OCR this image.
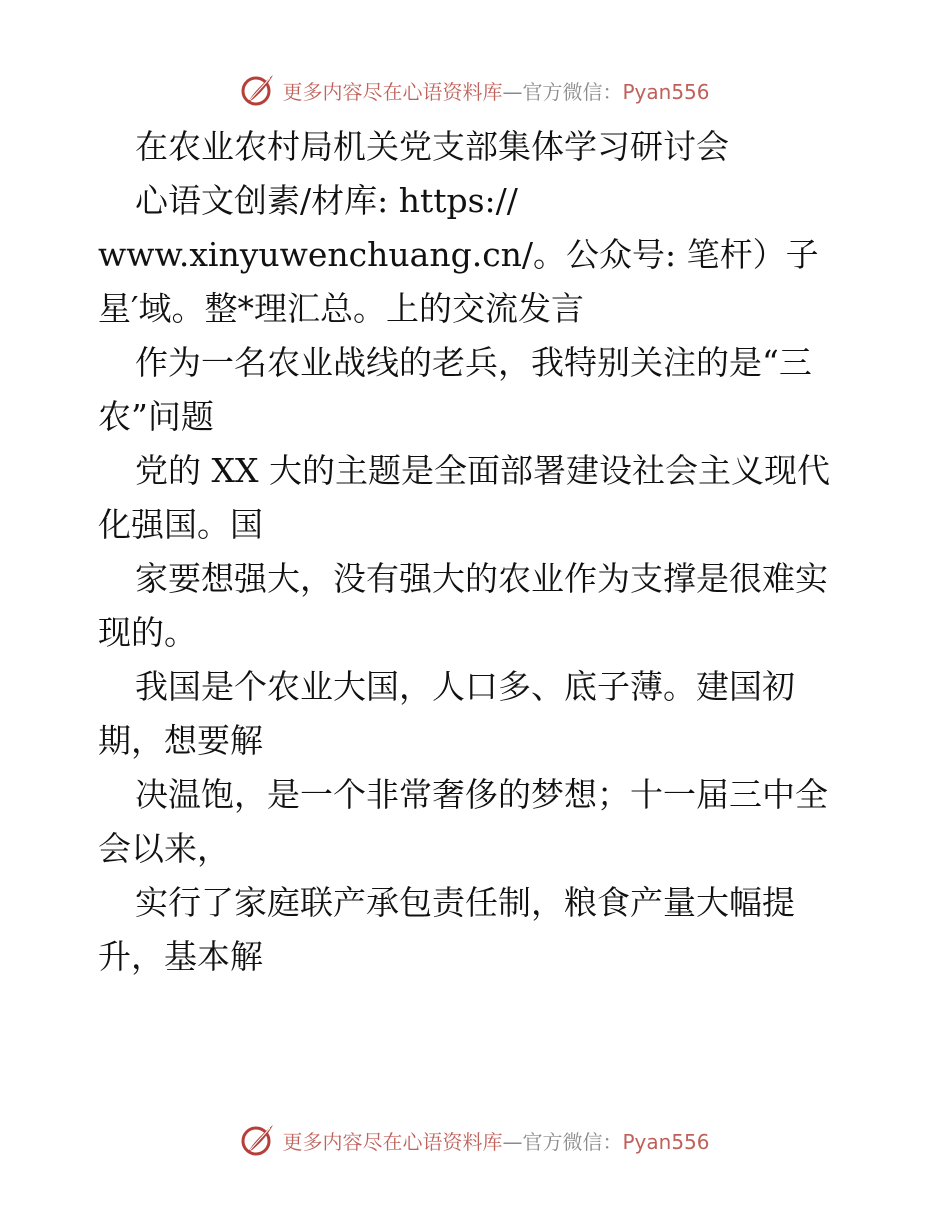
更多内容尽在心语资料库—官方微信：Pyan556
在农业农村局机关党支部集体学习研讨会
心语文创素/材库: https://
www.xinyuwenchuang.cn/。公众号: 笔杆）子
星′域。整*理汇总。上的交流发言
作为一名农业战线的老兵，我特别关注的是“三
农”问题
党的 XX 大的主题是全面部署建设社会主义现代
化强国。国
家要想强大，没有强大的农业作为支撑是很难实
现的。
我国是个农业大国，人口多、底子薄。建国初
期，想要解
决温饱，是一个非常奢侈的梦想；十一届三中全
会以来，
实行了家庭联产承包责任制，粮食产量大幅提
升，基本解
更多内容尽在心语资料库—官方微信：Pyan556
